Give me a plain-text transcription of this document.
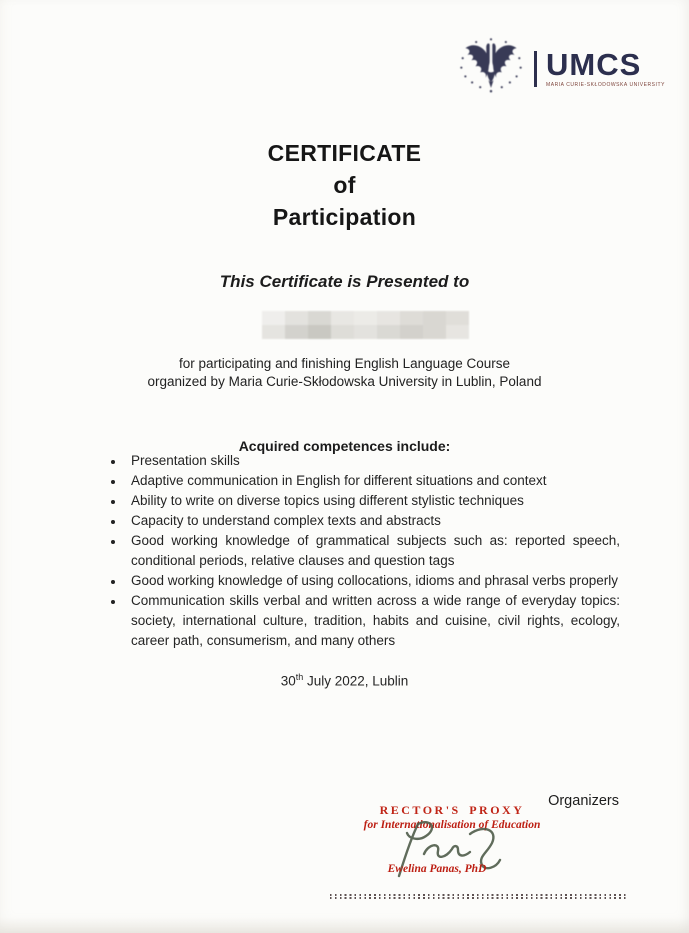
UMCS
MARIA CURIE-SKŁODOWSKA UNIVERSITY
CERTIFICATE
of
Participation
This Certificate is Presented to
for participating and finishing English Language Course
organized by Maria Curie-Skłodowska University in Lublin, Poland
Acquired competences include:
• Presentation skills
• Adaptive communication in English for different situations and context
• Ability to write on diverse topics using different stylistic techniques
• Capacity to understand complex texts and abstracts
• Good working knowledge of grammatical subjects such as: reported speech, conditional periods, relative clauses and question tags
• Good working knowledge of using collocations, idioms and phrasal verbs properly
• Communication skills verbal and written across a wide range of everyday topics: society, international culture, tradition, habits and cuisine, civil rights, ecology, career path, consumerism, and many others
30th July 2022, Lublin
Organizers
RECTOR'S PROXY
for Internationalisation of Education
Ewelina Panas, PhD
